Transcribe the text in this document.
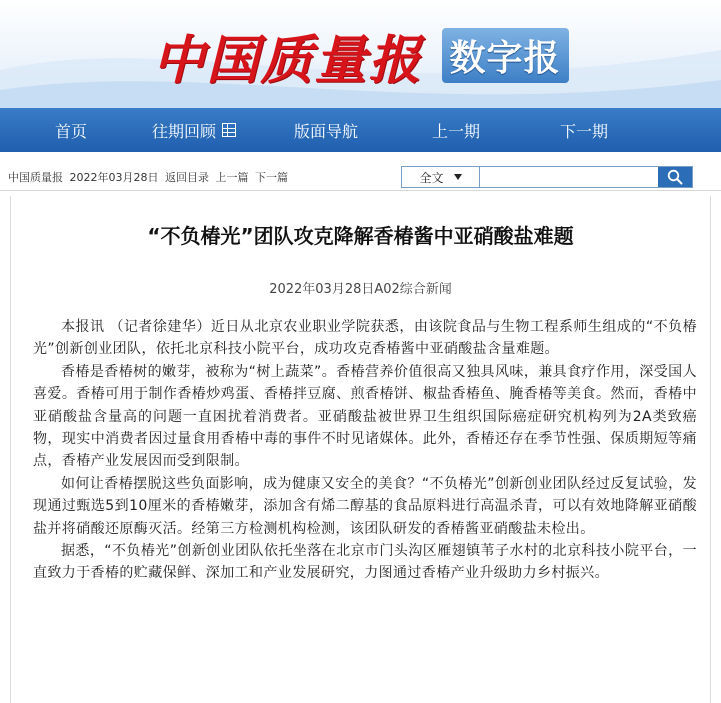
中国质量报 数字报
首页	往期回顾	版面导航	上一期	下一期
中国质量报 2022年03月28日 返回目录 上一篇 下一篇	全文
“不负椿光”团队攻克降解香椿酱中亚硝酸盐难题
2022年03月28日A02综合新闻

本报讯 （记者徐建华）近日从北京农业职业学院获悉，由该院食品与生物工程系师生组成的“不负椿光”创新创业团队，依托北京科技小院平台，成功攻克香椿酱中亚硝酸盐含量难题。

香椿是香椿树的嫩芽，被称为“树上蔬菜”。香椿营养价值很高又独具风味，兼具食疗作用，深受国人喜爱。香椿可用于制作香椿炒鸡蛋、香椿拌豆腐、煎香椿饼、椒盐香椿鱼、腌香椿等美食。然而，香椿中亚硝酸盐含量高的问题一直困扰着消费者。亚硝酸盐被世界卫生组织国际癌症研究机构列为2A类致癌物，现实中消费者因过量食用香椿中毒的事件不时见诸媒体。此外，香椿还存在季节性强、保质期短等痛点，香椿产业发展因而受到限制。

如何让香椿摆脱这些负面影响，成为健康又安全的美食？“不负椿光”创新创业团队经过反复试验，发现通过甄选5到10厘米的香椿嫩芽，添加含有烯二醇基的食品原料进行高温杀青，可以有效地降解亚硝酸盐并将硝酸还原酶灭活。经第三方检测机构检测，该团队研发的香椿酱亚硝酸盐未检出。

据悉，“不负椿光”创新创业团队依托坐落在北京市门头沟区雁翅镇苇子水村的北京科技小院平台，一直致力于香椿的贮藏保鲜、深加工和产业发展研究，力图通过香椿产业升级助力乡村振兴。
